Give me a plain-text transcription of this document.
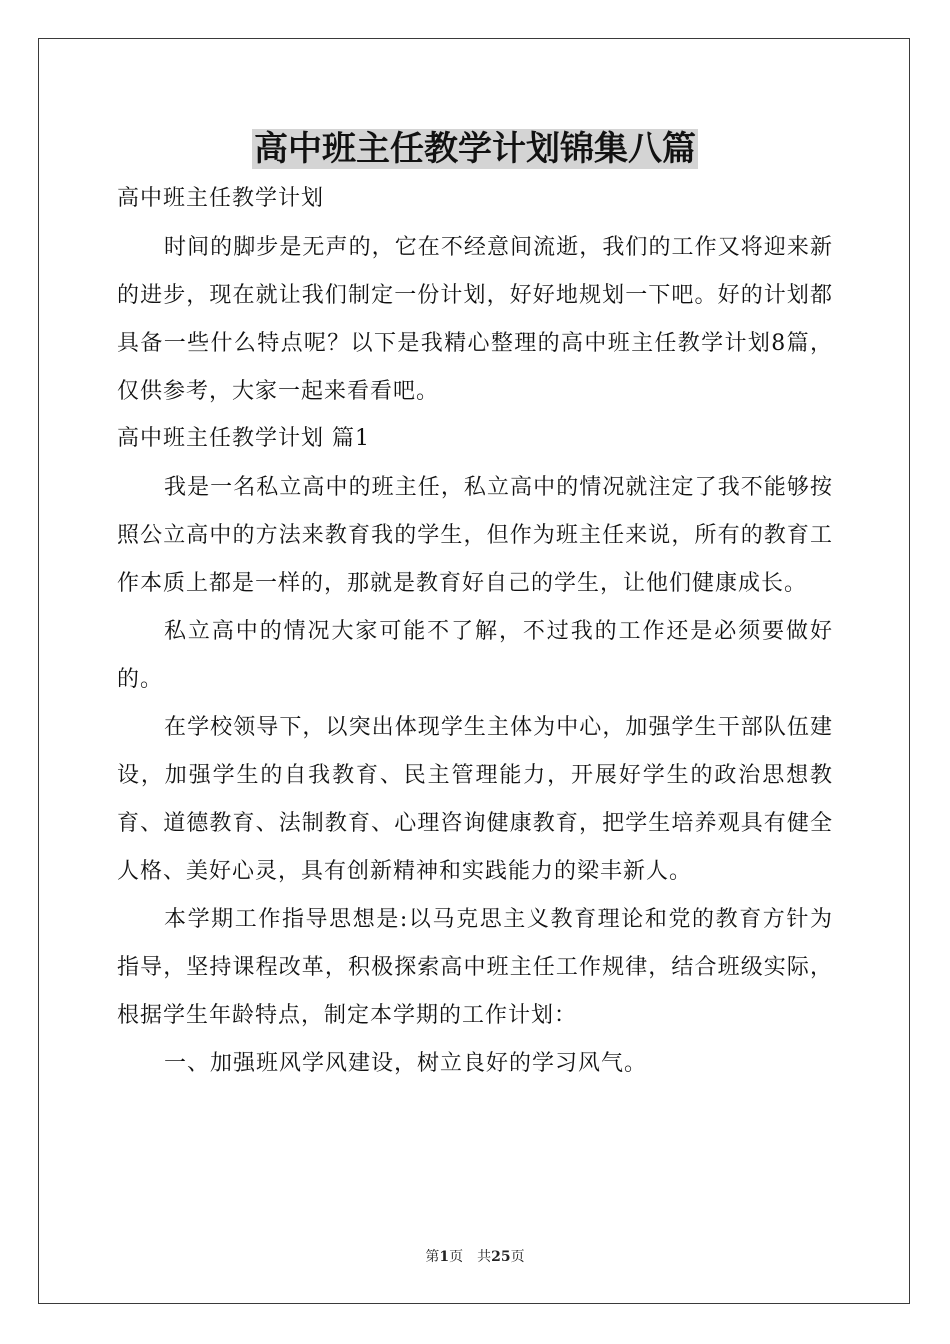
高中班主任教学计划锦集八篇

高中班主任教学计划

时间的脚步是无声的，它在不经意间流逝，我们的工作又将迎来新的进步，现在就让我们制定一份计划，好好地规划一下吧。好的计划都具备一些什么特点呢？以下是我精心整理的高中班主任教学计划8篇，仅供参考，大家一起来看看吧。

高中班主任教学计划 篇1

我是一名私立高中的班主任，私立高中的情况就注定了我不能够按照公立高中的方法来教育我的学生，但作为班主任来说，所有的教育工作本质上都是一样的，那就是教育好自己的学生，让他们健康成长。

私立高中的情况大家可能不了解，不过我的工作还是必须要做好的。

在学校领导下，以突出体现学生主体为中心，加强学生干部队伍建设，加强学生的自我教育、民主管理能力，开展好学生的政治思想教育、道德教育、法制教育、心理咨询健康教育，把学生培养观具有健全人格、美好心灵，具有创新精神和实践能力的梁丰新人。

本学期工作指导思想是:以马克思主义教育理论和党的教育方针为指导，坚持课程改革，积极探索高中班主任工作规律，结合班级实际，根据学生年龄特点，制定本学期的工作计划：

一、加强班风学风建设，树立良好的学习风气。

第1页 共25页
